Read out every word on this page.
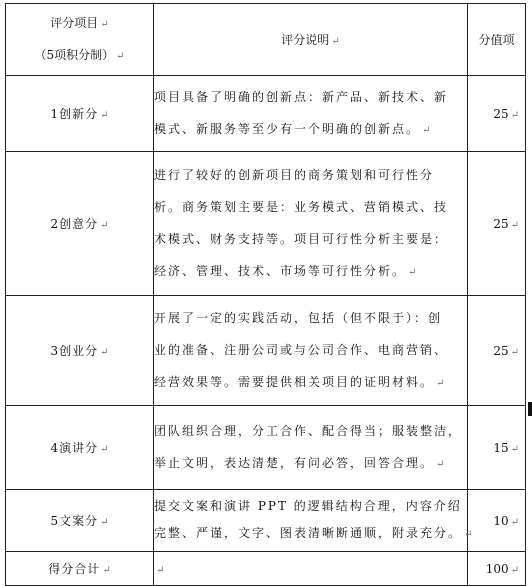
评分项目 ↵
（5项积分制） ↵	评分说明 ↵	分值项
1创新分 ↵	项目具备了明确的创新点：新产品、新技术、新
模式、新服务等至少有一个明确的创新点。 ↵	25 ↵
2创意分 ↵	进行了较好的创新项目的商务策划和可行性分
析。商务策划主要是：业务模式、营销模式、技
术模式、财务支持等。项目可行性分析主要是：
经济、管理、技术、市场等可行性分析。 ↵	25 ↵
3创业分 ↵	开展了一定的实践活动，包括（但不限于）：创
业的准备、注册公司或与公司合作、电商营销、
经营效果等。需要提供相关项目的证明材料。 ↵	25 ↵
4演讲分 ↵	团队组织合理，分工合作、配合得当；服装整洁，
举止文明，表达清楚，有问必答，回答合理。 ↵	15 ↵
5文案分 ↵	提交文案和演讲 PPT 的逻辑结构合理，内容介绍
完整、严谨，文字、图表清晰断通顺，附录充分。 ↵	10 ↵
得分合计 ↵	↵	100 ↵
